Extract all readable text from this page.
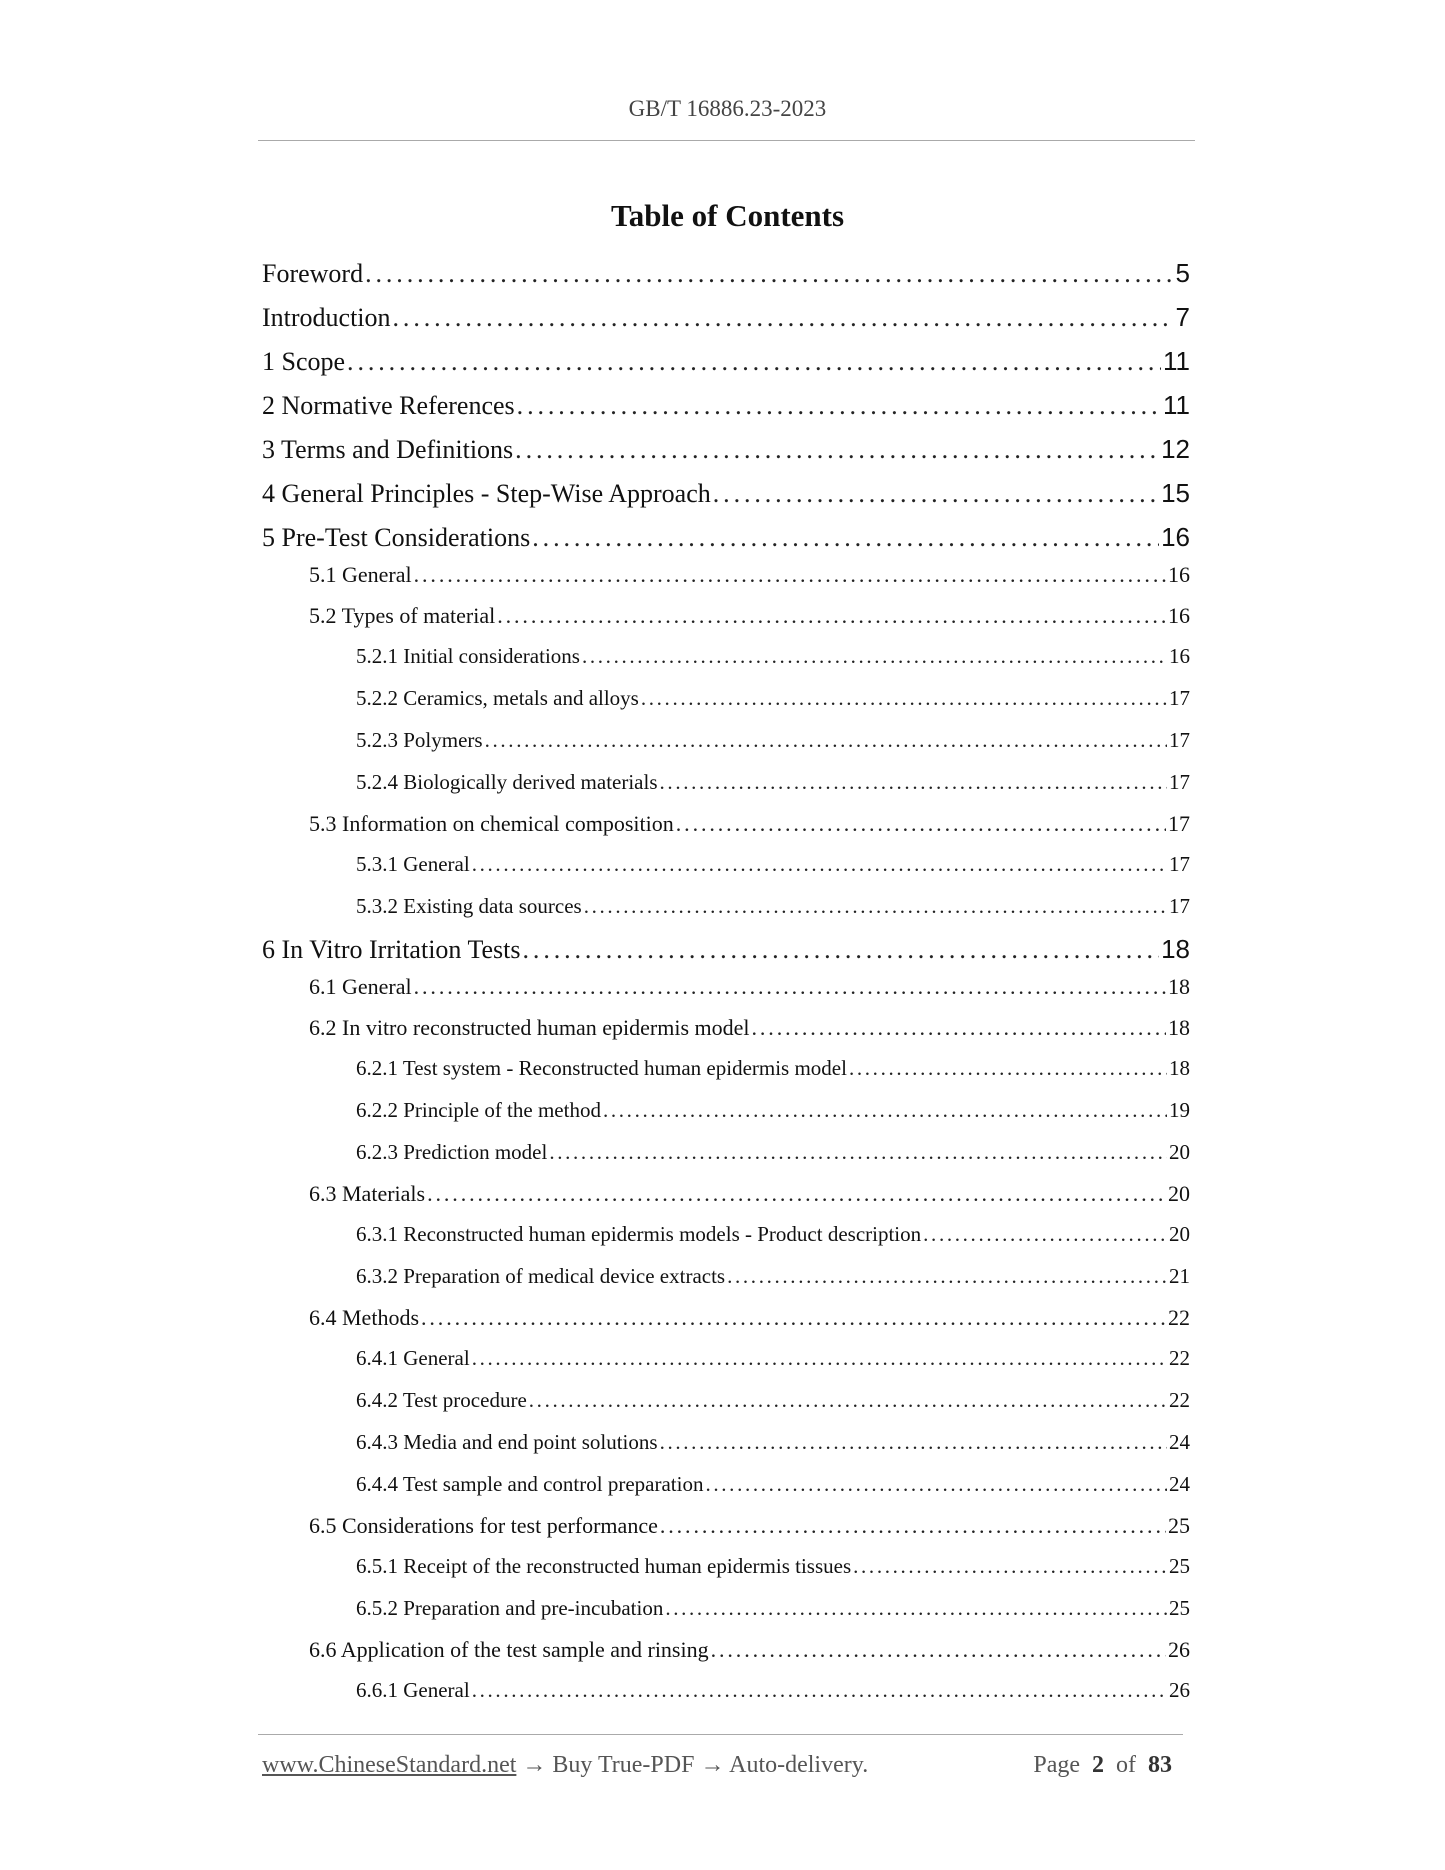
GB/T 16886.23-2023
Table of Contents
Foreword . . .	5
Introduction . . .	7
1 Scope . . .	11
2 Normative References . . .	11
3 Terms and Definitions . . .	12
4 General Principles - Step-Wise Approach . . .	15
5 Pre-Test Considerations . . .	16
5.1 General . . .	16
5.2 Types of material . . .	16
5.2.1 Initial considerations . . .	16
5.2.2 Ceramics, metals and alloys . . .	17
5.2.3 Polymers . . .	17
5.2.4 Biologically derived materials . . .	17
5.3 Information on chemical composition . . .	17
5.3.1 General . . .	17
5.3.2 Existing data sources . . .	17
6 In Vitro Irritation Tests . . .	18
6.1 General . . .	18
6.2 In vitro reconstructed human epidermis model . . .	18
6.2.1 Test system - Reconstructed human epidermis model . . .	18
6.2.2 Principle of the method . . .	19
6.2.3 Prediction model . . .	20
6.3 Materials . . .	20
6.3.1 Reconstructed human epidermis models - Product description . . .	20
6.3.2 Preparation of medical device extracts . . .	21
6.4 Methods . . .	22
6.4.1 General . . .	22
6.4.2 Test procedure . . .	22
6.4.3 Media and end point solutions . . .	24
6.4.4 Test sample and control preparation . . .	24
6.5 Considerations for test performance . . .	25
6.5.1 Receipt of the reconstructed human epidermis tissues . . .	25
6.5.2 Preparation and pre-incubation . . .	25
6.6 Application of the test sample and rinsing . . .	26
6.6.1 General . . .	26
www.ChineseStandard.net → Buy True-PDF → Auto-delivery.	Page 2 of 83
